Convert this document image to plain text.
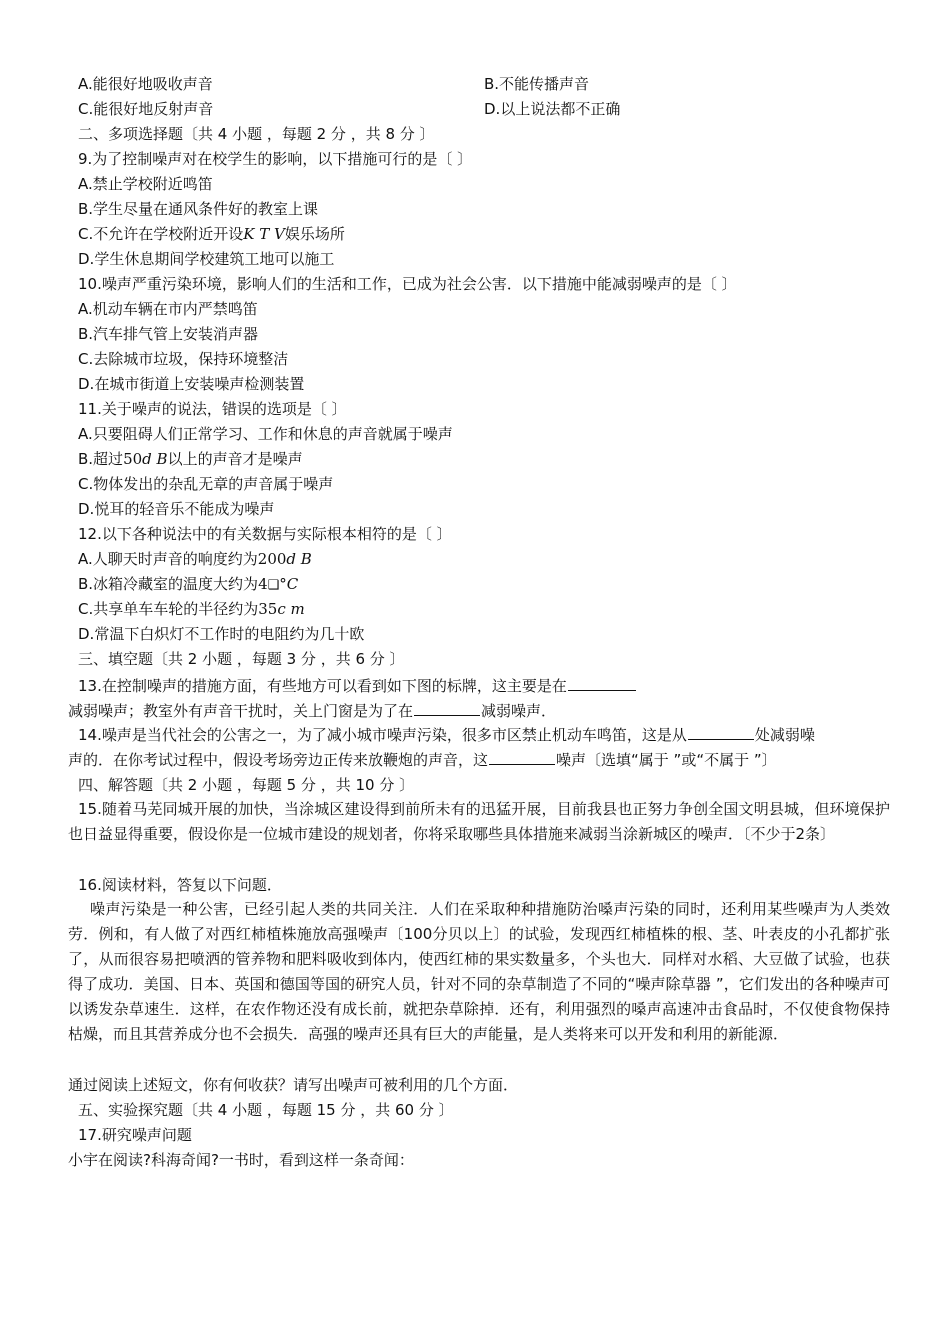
A.能很好地吸收声音	B.不能传播声音
C.能很好地反射声音	D.以上说法都不正确
二、多项选择题〔共 4 小题 ，每题 2 分 ，共 8 分 〕
9.为了控制噪声对在校学生的影响，以下措施可行的是〔 〕
A.禁止学校附近鸣笛
B.学生尽量在通风条件好的教室上课
C.不允许在学校附近开设K T V娱乐场所
D.学生休息期间学校建筑工地可以施工
10.噪声严重污染环境，影响人们的生活和工作，已成为社会公害．以下措施中能减弱噪声的是〔 〕
A.机动车辆在市内严禁鸣笛
B.汽车排气管上安装消声器
C.去除城市垃圾，保持环境整洁
D.在城市街道上安装噪声检测装置
11.关于噪声的说法，错误的选项是〔 〕
A.只要阻碍人们正常学习、工作和休息的声音就属于噪声
B.超过50d B以上的声音才是噪声
C.物体发出的杂乱无章的声音属于噪声
D.悦耳的轻音乐不能成为噪声
12.以下各种说法中的有关数据与实际根本相符的是〔 〕
A.人聊天时声音的响度约为200d B
B.冰箱冷藏室的温度大约为4❑°C
C.共享单车车轮的半径约为35c m
D.常温下白炽灯不工作时的电阻约为几十欧
三、填空题〔共 2 小题 ，每题 3 分 ，共 6 分 〕
13.在控制噪声的措施方面，有些地方可以看到如下图的标牌，这主要是在
减弱噪声；教室外有声音干扰时，关上门窗是为了在	减弱噪声．
14.噪声是当代社会的公害之一，为了减小城市噪声污染，很多市区禁止机动车鸣笛，这是从	处减弱噪
声的．在你考试过程中，假设考场旁边正传来放鞭炮的声音，这	噪声〔选填“属于 ”或“不属于 ”〕
四、解答题〔共 2 小题 ，每题 5 分 ，共 10 分 〕
15.随着马芜同城开展的加快，当涂城区建设得到前所未有的迅猛开展，目前我县也正努力争创全国文明县城，但环境保护也日益显得重要，假设你是一位城市建设的规划者，你将采取哪些具体措施来减弱当涂新城区的噪声．〔不少于2条〕
16.阅读材料，答复以下问题．
噪声污染是一种公害，已经引起人类的共同关注．人们在采取种种措施防治嗓声污染的同时，还利用某些噪声为人类效劳．例和，有人做了对西红柿植株施放高强噪声〔100分贝以上〕的试验，发现西红柿植株的根、茎、叶表皮的小孔都扩张了，从而很容易把喷洒的管养物和肥料吸收到体内，使西红柿的果实数量多，个头也大．同样对水稻、大豆做了试验，也获得了成功．美国、日本、英国和德国等国的研究人员，针对不同的杂草制造了不同的“噪声除草器 ”，它们发出的各种噪声可以诱发杂草速生．这样，在农作物还没有成长前，就把杂草除掉．还有，利用强烈的嗓声高速冲击食品时，不仅使食物保持枯燥，而且其营养成分也不会损失．高强的噪声还具有巨大的声能量，是人类将来可以开发和利用的新能源．
通过阅读上述短文，你有何收获？请写出噪声可被利用的几个方面．
五、实验探究题〔共 4 小题 ，每题 15 分 ，共 60 分 〕
17.研究噪声问题
小宇在阅读?科海奇闻?一书时，看到这样一条奇闻：
